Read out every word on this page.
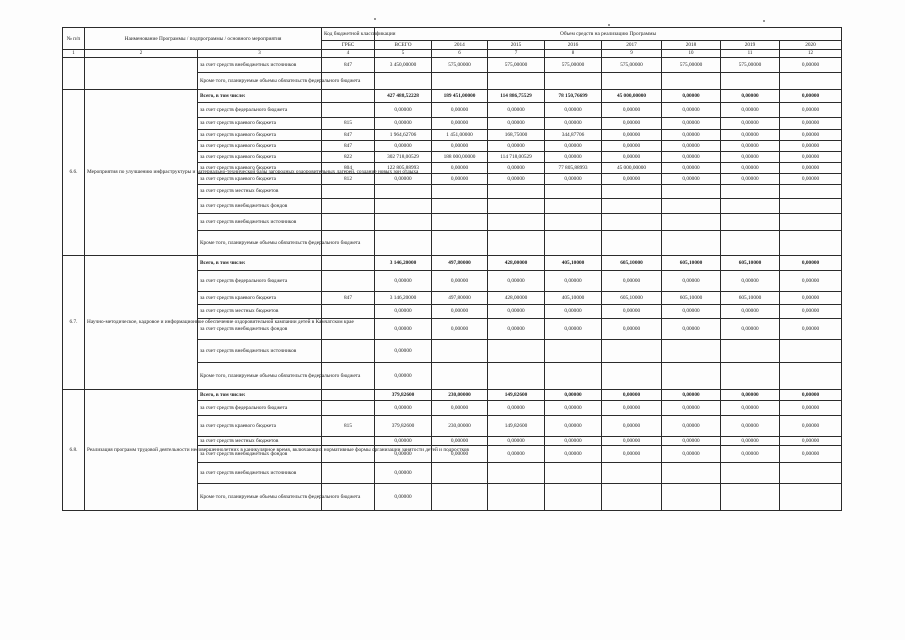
№ п/п	Наименование Программы / подпрограммы / основного мероприятия		Код бюджетной классификации	Объем средств на реализацию Программы							
			ГРБС	ВСЕГО	2014	2015	2016	2017	2018	2019	2020
1	2	3	4	5	6	7	8	9	10	11	12
		за счет средств внебюджетных источников	847	3 450,00000	575,00000	575,00000	575,00000	575,00000	575,00000	575,00000	0,00000
		Кроме того, планируемые объемы обязательств федерального бюджета									
6.6.	Мероприятия по улучшению инфраструктуры и материально-технической базы загородных оздоровительных лагерей, создание новых зон отдыха	Всего, в том числе:		427 488,52228	189 451,00000	114 886,75529	78 150,76699	45 000,00000	0,00000	0,00000	0,00000
		за счет средств федерального бюджета		0,00000	0,00000	0,00000	0,00000	0,00000	0,00000	0,00000	0,00000
		за счет средств краевого бюджета	815	0,00000	0,00000	0,00000	0,00000	0,00000	0,00000	0,00000	0,00000
		за счет средств краевого бюджета	847	1 964,62706	1 451,00000	168,75000	344,87706	0,00000	0,00000	0,00000	0,00000
		за счет средств краевого бюджета	847	0,00000	0,00000	0,00000	0,00000	0,00000	0,00000	0,00000	0,00000
		за счет средств краевого бюджета	822	302 718,00529	188 000,00000	114 718,00529	0,00000	0,00000	0,00000	0,00000	0,00000
		за счет средств краевого бюджета	804	122 805,88993	0,00000	0,00000	77 805,88993	45 000,00000	0,00000	0,00000	0,00000
		за счет средств краевого бюджета	812	0,00000	0,00000	0,00000	0,00000	0,00000	0,00000	0,00000	0,00000
		за счет средств местных бюджетов									
		за счет средств внебюджетных фондов									
		за счет средств внебюджетных источников									
		Кроме того, планируемые объемы обязательств федерального бюджета									
6.7.	Научно-методическое, кадровое и информационное обеспечение оздоровительной кампании детей в Камчатском крае	Всего, в том числе:		3 146,20000	497,80000	428,00000	405,10000	605,10000	605,10000	605,10000	0,00000
		за счет средств федерального бюджета		0,00000	0,00000	0,00000	0,00000	0,00000	0,00000	0,00000	0,00000
		за счет средств краевого бюджета	847	3 146,20000	497,80000	428,00000	405,10000	605,10000	605,10000	605,10000	0,00000
		за счет средств местных бюджетов		0,00000	0,00000	0,00000	0,00000	0,00000	0,00000	0,00000	0,00000
		за счет средств внебюджетных фондов		0,00000	0,00000	0,00000	0,00000	0,00000	0,00000	0,00000	0,00000
		за счет средств внебюджетных источников		0,00000							
		Кроме того, планируемые объемы обязательств федерального бюджета		0,00000							
6.8.	Реализация программ трудовой деятельности несовершеннолетних в каникулярное время, включающих нормативные формы организации занятости детей и подростков	Всего, в том числе:		379,82600	230,00000	149,82600	0,00000	0,00000	0,00000	0,00000	0,00000
		за счет средств федерального бюджета		0,00000	0,00000	0,00000	0,00000	0,00000	0,00000	0,00000	0,00000
		за счет средств краевого бюджета	815	379,82600	230,00000	149,82600	0,00000	0,00000	0,00000	0,00000	0,00000
		за счет средств местных бюджетов		0,00000	0,00000	0,00000	0,00000	0,00000	0,00000	0,00000	0,00000
		за счет средств внебюджетных фондов		0,00000	0,00000	0,00000	0,00000	0,00000	0,00000	0,00000	0,00000
		за счет средств внебюджетных источников		0,00000							
		Кроме того, планируемые объемы обязательств федерального бюджета		0,00000							
